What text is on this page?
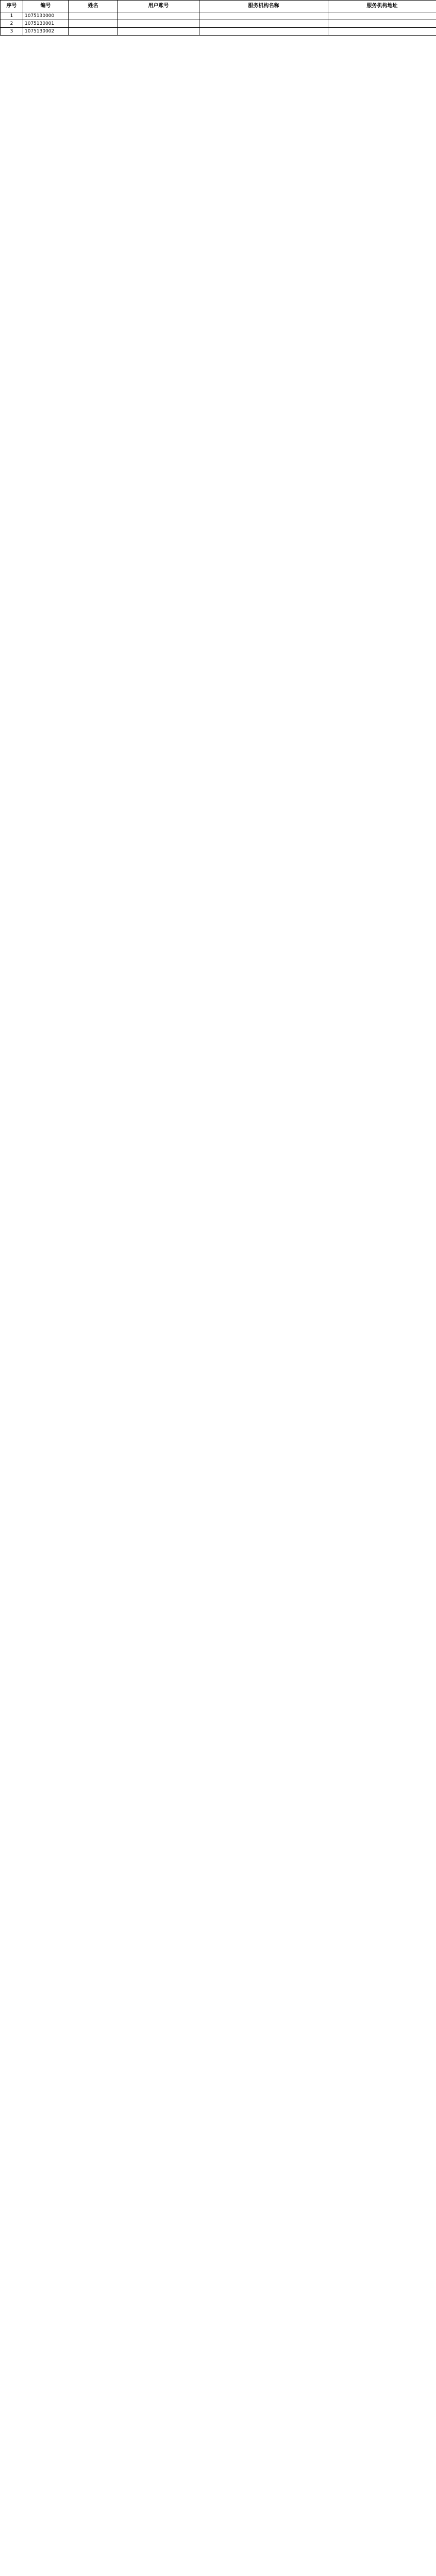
序号	编号	姓名	用户账号	服务机构名称	服务机构地址
1	1075130000				
2	1075130001				
3	1075130002				
